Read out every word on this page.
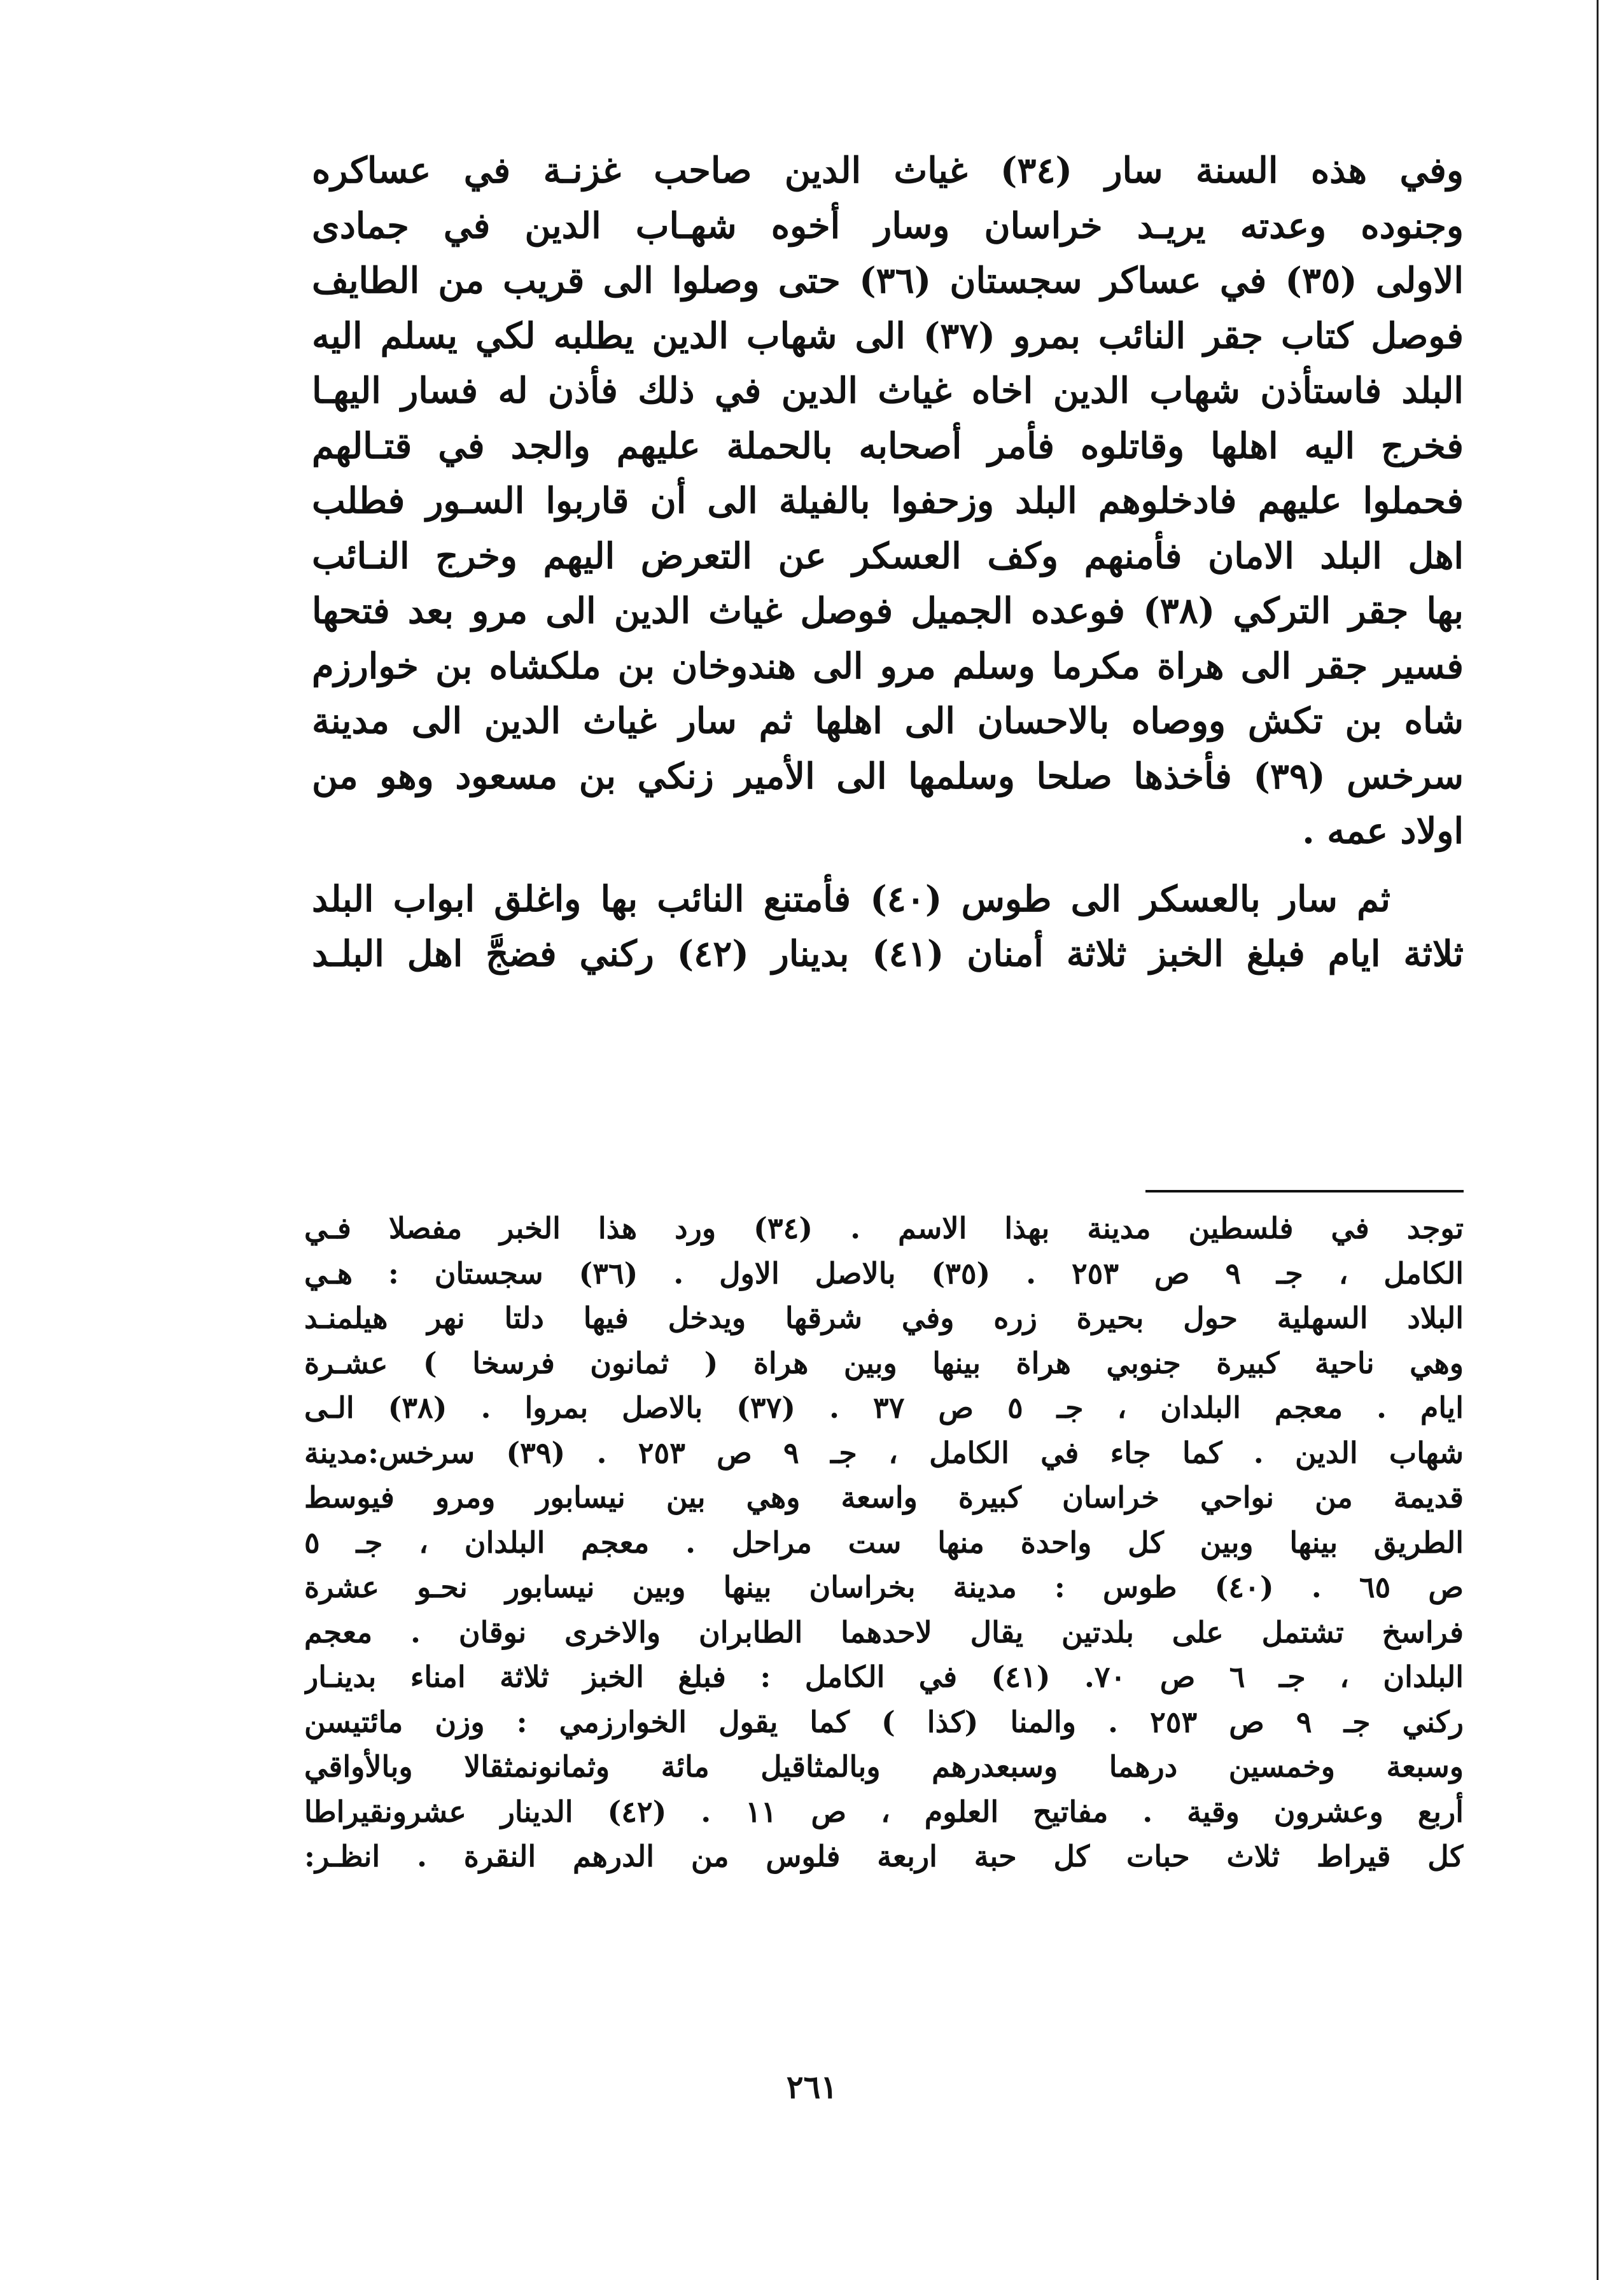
وفي هذه السنة سار (٣٤) غياث الدين صاحب غزنـة في عساكره
وجنوده وعدته يريـد خراسان وسار أخوه شهـاب الدين في جمادى
الاولى (٣٥) في عساكر سجستان (٣٦) حتى وصلوا الى قريب من الطايف
فوصل كتاب جقر النائب بمرو (٣٧) الى شهاب الدين يطلبه لكي يسلم اليه
البلد فاستأذن شهاب الدين اخاه غياث الدين في ذلك فأذن له فسار اليهـا
فخرج اليه اهلها وقاتلوه فأمر أصحابه بالحملة عليهم والجد في قتـالهم
فحملوا عليهم فادخلوهم البلد وزحفوا بالفيلة الى أن قاربوا السـور فطلب
اهل البلد الامان فأمنهم وكف العسكر عن التعرض اليهم وخرج النـائب
بها جقر التركي (٣٨) فوعده الجميل فوصل غياث الدين الى مرو بعد فتحها
فسير جقر الى هراة مكرما وسلم مرو الى هندوخان بن ملكشاه بن خوارزم
شاه بن تكش ووصاه بالاحسان الى اهلها ثم سار غياث الدين الى مدينة
سرخس (٣٩) فأخذها صلحا وسلمها الى الأمير زنكي بن مسعود وهو من
اولاد عمه .
ثم سار بالعسكر الى طوس (٤٠) فأمتنع النائب بها واغلق ابواب البلد
ثلاثة ايام فبلغ الخبز ثلاثة أمنان (٤١) بدينار (٤٢) ركني فضجَّ اهل البلـد
توجد في فلسطين مدينة بهذا الاسم . (٣٤) ورد هذا الخبر مفصلا فـي
الكامل ، جـ ٩ ص ٢٥٣ . (٣٥) بالاصل الاول . (٣٦) سجستان : هـي
البلاد السهلية حول بحيرة زره وفي شرقها ويدخل فيها دلتا نهر هيلمنـد
وهي ناحية كبيرة جنوبي هراة بينها وبين هراة ( ثمانون فرسخا ) عشـرة
ايام . معجم البلدان ، جـ ٥ ص ٣٧ . (٣٧) بالاصل بمروا . (٣٨) الـى
شهاب الدين . كما جاء في الكامل ، جـ ٩ ص ٢٥٣ . (٣٩) سرخس:مدينة
قديمة من نواحي خراسان كبيرة واسعة وهي بين نيسابور ومرو فيوسط
الطريق بينها وبين كل واحدة منها ست مراحل . معجم البلدان ، جـ ٥
ص ٦٥ . (٤٠) طوس : مدينة بخراسان بينها وبين نيسابور نحـو عشرة
فراسخ تشتمل على بلدتين يقال لاحدهما الطابران والاخرى نوقان . معجم
البلدان ، جـ ٦ ص ٧٠. (٤١) في الكامل : فبلغ الخبز ثلاثة امناء بدينـار
ركني جـ ٩ ص ٢٥٣ . والمنا (كذا ) كما يقول الخوارزمي : وزن مائتيسن
وسبعة وخمسين درهما وسبعدرهم وبالمثاقيل مائة وثمانونمثقالا وبالأواقي
أربع وعشرون وقية . مفاتيح العلوم ، ص ١١ . (٤٢) الدينار عشرونقيراطا
كل قيراط ثلاث حبات كل حبة اربعة فلوس من الدرهم النقرة . انظـر:
٢٦١
